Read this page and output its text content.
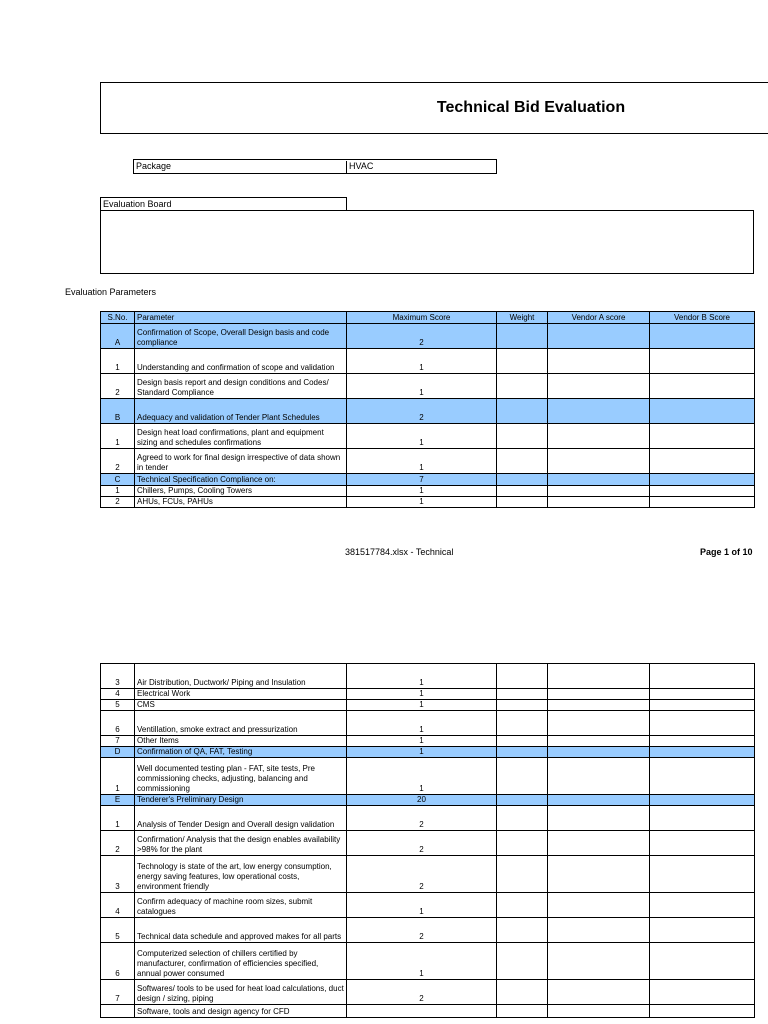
Technical Bid Evaluation
Package	HVAC
Evaluation Board
Evaluation Parameters
S.No.	Parameter	Maximum Score	Weight	Vendor A score	Vendor B Score
A	Confirmation of Scope, Overall Design basis and code compliance	2			
1	Understanding and confirmation of scope and validation	1			
2	Design basis report and design conditions and Codes/ Standard Compliance	1			
B	Adequacy and validation of Tender Plant Schedules	2			
1	Design heat load confirmations, plant and equipment sizing and schedules confirmations	1			
2	Agreed to work for final design irrespective of data shown in tender	1			
C	Technical Specification Compliance on:	7			
1	Chillers, Pumps, Cooling Towers	1			
2	AHUs, FCUs, PAHUs	1			
381517784.xlsx - Technical	Page 1 of 10
3	Air Distribution, Ductwork/ Piping and Insulation	1			
4	Electrical Work	1			
5	CMS	1			
6	Ventillation, smoke extract and pressurization	1			
7	Other Items	1			
D	Confirmation of QA, FAT, Testing	1			
1	Well documented testing plan - FAT, site tests, Pre commissioning checks, adjusting, balancing and commissioning	1			
E	Tenderer's Preliminary Design	20			
1	Analysis of Tender Design and Overall design validation	2			
2	Confirmation/ Analysis that the design enables availability >98% for the plant	2			
3	Technology is state of the art, low energy consumption, energy saving features, low operational costs, environment friendly	2			
4	Confirm adequacy of machine room sizes, submit catalogues	1			
5	Technical data schedule and approved makes for all parts	2			
6	Computerized selection of chillers certified by manufacturer, confirmation of efficiencies specified, annual power consumed	1			
7	Softwares/ tools to be used for heat load calculations, duct design / sizing, piping	2			
	Software, tools and design agency for CFD				
